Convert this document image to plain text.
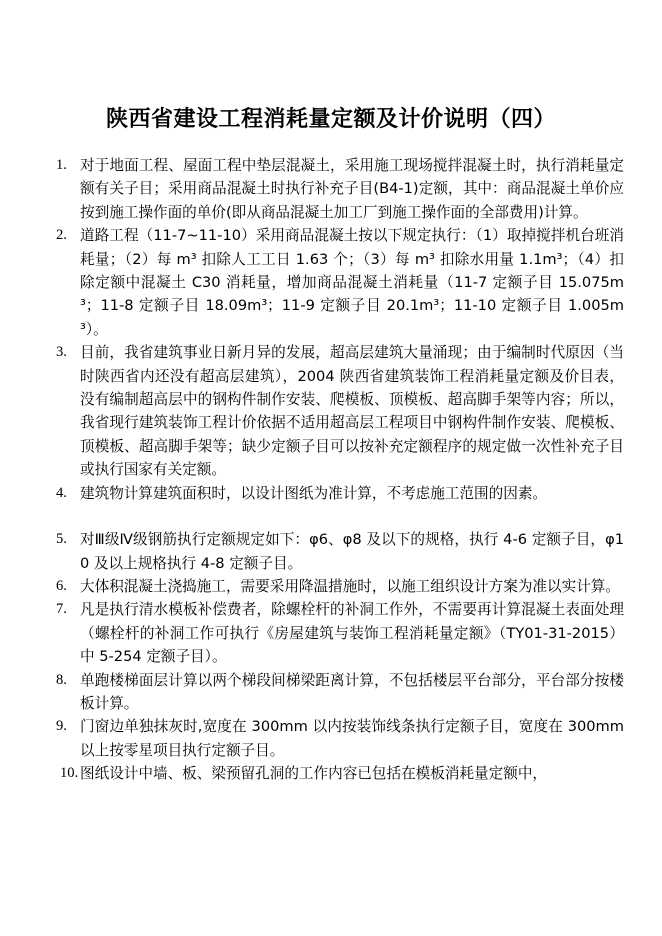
陕西省建设工程消耗量定额及计价说明（四）
1. 对于地面工程、屋面工程中垫层混凝土，采用施工现场搅拌混凝土时，执行消耗量定额有关子目；采用商品混凝土时执行补充子目(B4-1)定额，其中：商品混凝土单价应按到施工操作面的单价(即从商品混凝土加工厂到施工操作面的全部费用)计算。
2. 道路工程（11-7~11-10）采用商品混凝土按以下规定执行：（1）取掉搅拌机台班消耗量；（2）每 m³ 扣除人工工日 1.63 个；（3）每 m³ 扣除水用量 1.1m³；（4）扣除定额中混凝土 C30 消耗量，增加商品混凝土消耗量（11-7 定额子目 15.075m³；11-8 定额子目 18.09m³；11-9 定额子目 20.1m³；11-10 定额子目 1.005m³）。
3. 目前，我省建筑事业日新月异的发展，超高层建筑大量涌现；由于编制时代原因（当时陕西省内还没有超高层建筑），2004 陕西省建筑装饰工程消耗量定额及价目表，没有编制超高层中的钢构件制作安装、爬模板、顶模板、超高脚手架等内容；所以，我省现行建筑装饰工程计价依据不适用超高层工程项目中钢构件制作安装、爬模板、顶模板、超高脚手架等；缺少定额子目可以按补充定额程序的规定做一次性补充子目或执行国家有关定额。
4. 建筑物计算建筑面积时，以设计图纸为准计算，不考虑施工范围的因素。
5. 对Ⅲ级Ⅳ级钢筋执行定额规定如下：φ6、φ8 及以下的规格，执行 4-6 定额子目，φ10 及以上规格执行 4-8 定额子目。
6. 大体积混凝土浇捣施工，需要采用降温措施时，以施工组织设计方案为准以实计算。
7. 凡是执行清水模板补偿费者，除螺栓杆的补洞工作外，不需要再计算混凝土表面处理（螺栓杆的补洞工作可执行《房屋建筑与装饰工程消耗量定额》（TY01-31-2015）中 5-254 定额子目）。
8. 单跑楼梯面层计算以两个梯段间梯梁距离计算，不包括楼层平台部分，平台部分按楼板计算。
9. 门窗边单独抹灰时,宽度在 300mm 以内按装饰线条执行定额子目，宽度在 300mm 以上按零星项目执行定额子目。
10. 图纸设计中墙、板、梁预留孔洞的工作内容已包括在模板消耗量定额中，
